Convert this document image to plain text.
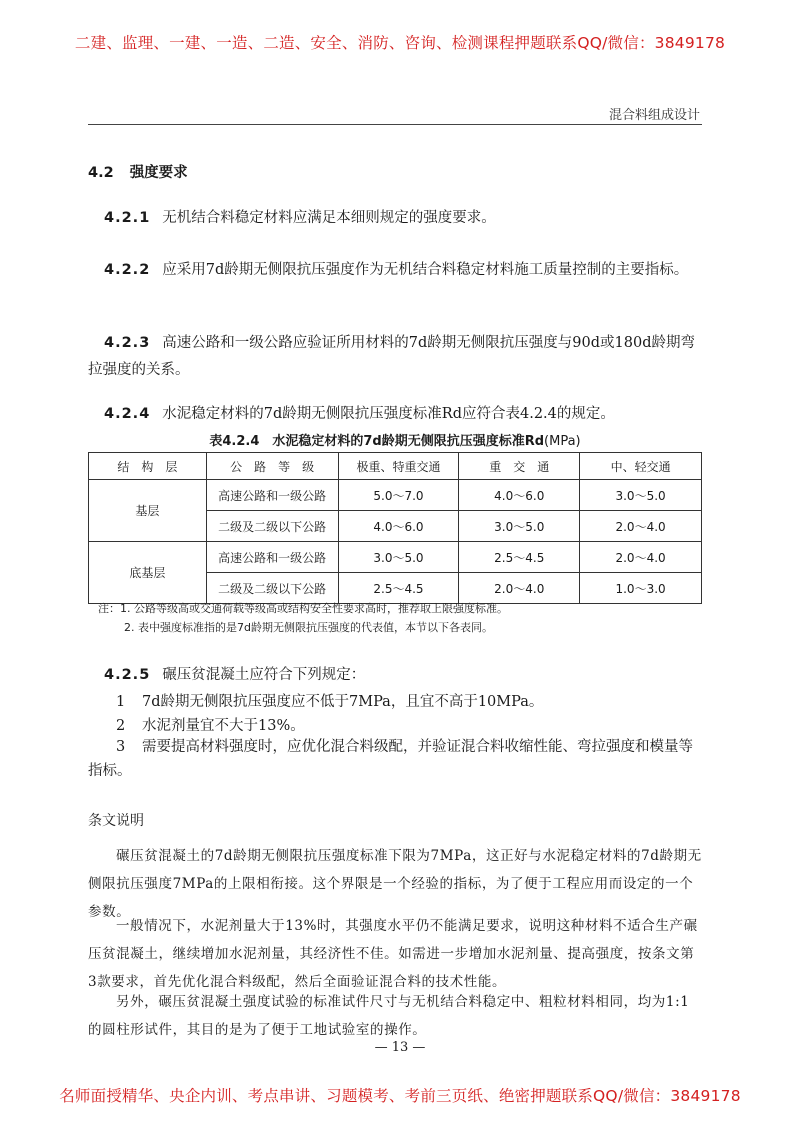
二建、监理、一建、一造、二造、安全、消防、咨询、检测课程押题联系QQ/微信：3849178
混合料组成设计
4.2 强度要求
4.2.1 无机结合料稳定材料应满足本细则规定的强度要求。
4.2.2 应采用7d龄期无侧限抗压强度作为无机结合料稳定材料施工质量控制的主要指标。
4.2.3 高速公路和一级公路应验证所用材料的7d龄期无侧限抗压强度与90d或180d龄期弯拉强度的关系。
4.2.4 水泥稳定材料的7d龄期无侧限抗压强度标准Rd应符合表4.2.4的规定。
表4.2.4　水泥稳定材料的7d龄期无侧限抗压强度标准Rd(MPa)
结　构　层	公　路　等　级	极重、特重交通	重　交　通	中、轻交通
基层	高速公路和一级公路	5.0～7.0	4.0～6.0	3.0～5.0
	二级及二级以下公路	4.0～6.0	3.0～5.0	2.0～4.0
底基层	高速公路和一级公路	3.0～5.0	2.5～4.5	2.0～4.0
	二级及二级以下公路	2.5～4.5	2.0～4.0	1.0～3.0
注：1. 公路等级高或交通荷载等级高或结构安全性要求高时，推荐取上限强度标准。
2. 表中强度标准指的是7d龄期无侧限抗压强度的代表值，本节以下各表同。
4.2.5 碾压贫混凝土应符合下列规定：
1 7d龄期无侧限抗压强度应不低于7MPa，且宜不高于10MPa。
2 水泥剂量宜不大于13%。
3 需要提高材料强度时，应优化混合料级配，并验证混合料收缩性能、弯拉强度和模量等指标。
条文说明
碾压贫混凝土的7d龄期无侧限抗压强度标准下限为7MPa，这正好与水泥稳定材料的7d龄期无侧限抗压强度7MPa的上限相衔接。这个界限是一个经验的指标，为了便于工程应用而设定的一个参数。
一般情况下，水泥剂量大于13%时，其强度水平仍不能满足要求，说明这种材料不适合生产碾压贫混凝土，继续增加水泥剂量，其经济性不佳。如需进一步增加水泥剂量、提高强度，按条文第3款要求，首先优化混合料级配，然后全面验证混合料的技术性能。
另外，碾压贫混凝土强度试验的标准试件尺寸与无机结合料稳定中、粗粒材料相同，均为1:1的圆柱形试件，其目的是为了便于工地试验室的操作。
— 13 —
名师面授精华、央企内训、考点串讲、习题模考、考前三页纸、绝密押题联系QQ/微信：3849178
